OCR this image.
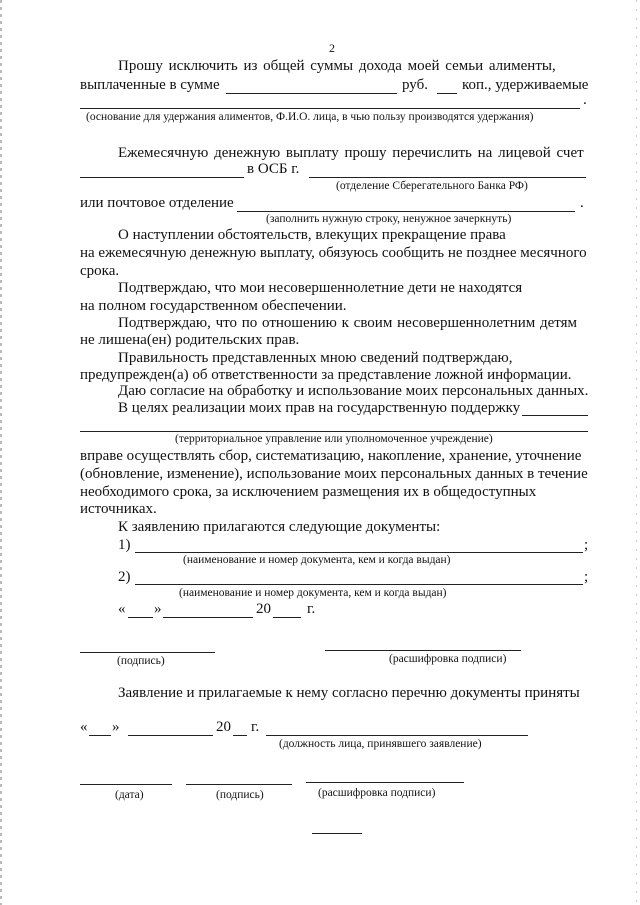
2
Прошу исключить из общей суммы дохода моей семьи алименты,
выплаченные в сумме	руб. коп., удерживаемые
.
(основание для удержания алиментов, Ф.И.О. лица, в чью пользу производятся удержания)
Ежемесячную денежную выплату прошу перечислить на лицевой счет
в ОСБ г.
(отделение Сберегательного Банка РФ)
или почтовое отделение	.
(заполнить нужную строку, ненужное зачеркнуть)
О наступлении обстоятельств, влекущих прекращение права
на ежемесячную денежную выплату, обязуюсь сообщить не позднее месячного
срока.
Подтверждаю, что мои несовершеннолетние дети не находятся
на полном государственном обеспечении.
Подтверждаю, что по отношению к своим несовершеннолетним детям
не лишена(ен) родительских прав.
Правильность представленных мною сведений подтверждаю,
предупрежден(а) об ответственности за представление ложной информации.
Даю согласие на обработку и использование моих персональных данных.
В целях реализации моих прав на государственную поддержку
(территориальное управление или уполномоченное учреждение)
вправе осуществлять сбор, систематизацию, накопление, хранение, уточнение
(обновление, изменение), использование моих персональных данных в течение
необходимого срока, за исключением размещения их в общедоступных
источниках.
К заявлению прилагаются следующие документы:
1)	;
(наименование и номер документа, кем и когда выдан)
2)	;
(наименование и номер документа, кем и когда выдан)
« »	20 г.
(подпись)	(расшифровка подписи)
Заявление и прилагаемые к нему согласно перечню документы приняты
« »	20 г.
(должность лица, принявшего заявление)
(дата)	(подпись)	(расшифровка подписи)
